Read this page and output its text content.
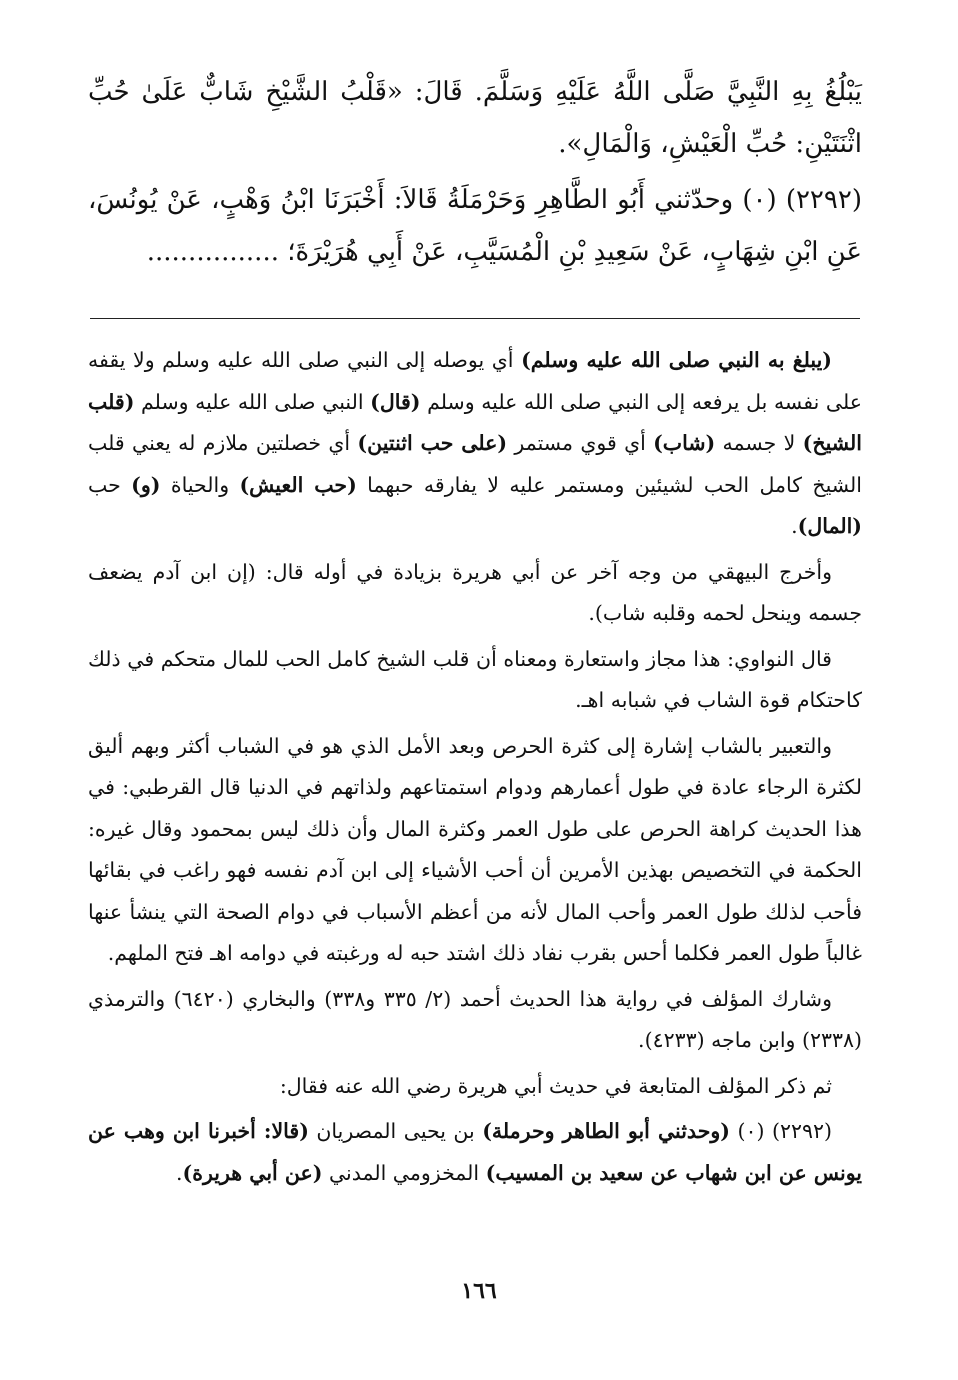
يَبْلُغُ بِهِ النَّبِيَّ صَلَّى اللَّهُ عَلَيْهِ وَسَلَّمَ. قَالَ: «قَلْبُ الشَّيْخِ شَابٌّ عَلَىٰ حُبِّ اثْنَتَيْنِ: حُبِّ الْعَيْشِ، وَالْمَالِ».

(٢٢٩٢) (٠) وحدّثني أَبُو الطَّاهِرِ وَحَرْمَلَةُ قَالاَ: أَخْبَرَنَا ابْنُ وَهْبٍ، عَنْ يُونُسَ، عَنِ ابْنِ شِهَابٍ، عَنْ سَعِيدِ بْنِ الْمُسَيَّبِ، عَنْ أَبِي هُرَيْرَةَ؛ ................

(يبلغ به النبي صلى الله عليه وسلم) أي يوصله إلى النبي صلى الله عليه وسلم ولا يقفه على نفسه بل يرفعه إلى النبي صلى الله عليه وسلم (قال) النبي صلى الله عليه وسلم (قلب الشيخ) لا جسمه (شاب) أي قوي مستمر (على حب اثنتين) أي خصلتين ملازم له يعني قلب الشيخ كامل الحب لشيئين ومستمر عليه لا يفارقه حبهما (حب العيش) والحياة (و) حب (المال).

وأخرج البيهقي من وجه آخر عن أبي هريرة بزيادة في أوله قال: (إن ابن آدم يضعف جسمه وينحل لحمه وقلبه شاب).

قال النواوي: هذا مجاز واستعارة ومعناه أن قلب الشيخ كامل الحب للمال متحكم في ذلك كاحتكام قوة الشاب في شبابه اهـ.

والتعبير بالشاب إشارة إلى كثرة الحرص وبعد الأمل الذي هو في الشباب أكثر وبهم أليق لكثرة الرجاء عادة في طول أعمارهم ودوام استمتاعهم ولذاتهم في الدنيا قال القرطبي: في هذا الحديث كراهة الحرص على طول العمر وكثرة المال وأن ذلك ليس بمحمود وقال غيره: الحكمة في التخصيص بهذين الأمرين أن أحب الأشياء إلى ابن آدم نفسه فهو راغب في بقائها فأحب لذلك طول العمر وأحب المال لأنه من أعظم الأسباب في دوام الصحة التي ينشأ عنها غالباً طول العمر فكلما أحس بقرب نفاد ذلك اشتد حبه له ورغبته في دوامه اهـ فتح الملهم.

وشارك المؤلف في رواية هذا الحديث أحمد (٢/ ٣٣٥ و٣٣٨) والبخاري (٦٤٢٠) والترمذي (٢٣٣٨) وابن ماجه (٤٢٣٣).

ثم ذكر المؤلف المتابعة في حديث أبي هريرة رضي الله عنه فقال:

(٢٢٩٢) (٠) (وحدثني أبو الطاهر وحرملة) بن يحيى المصريان (قالا: أخبرنا ابن وهب عن يونس عن ابن شهاب عن سعيد بن المسيب) المخزومي المدني (عن أبي هريرة).

١٦٦
